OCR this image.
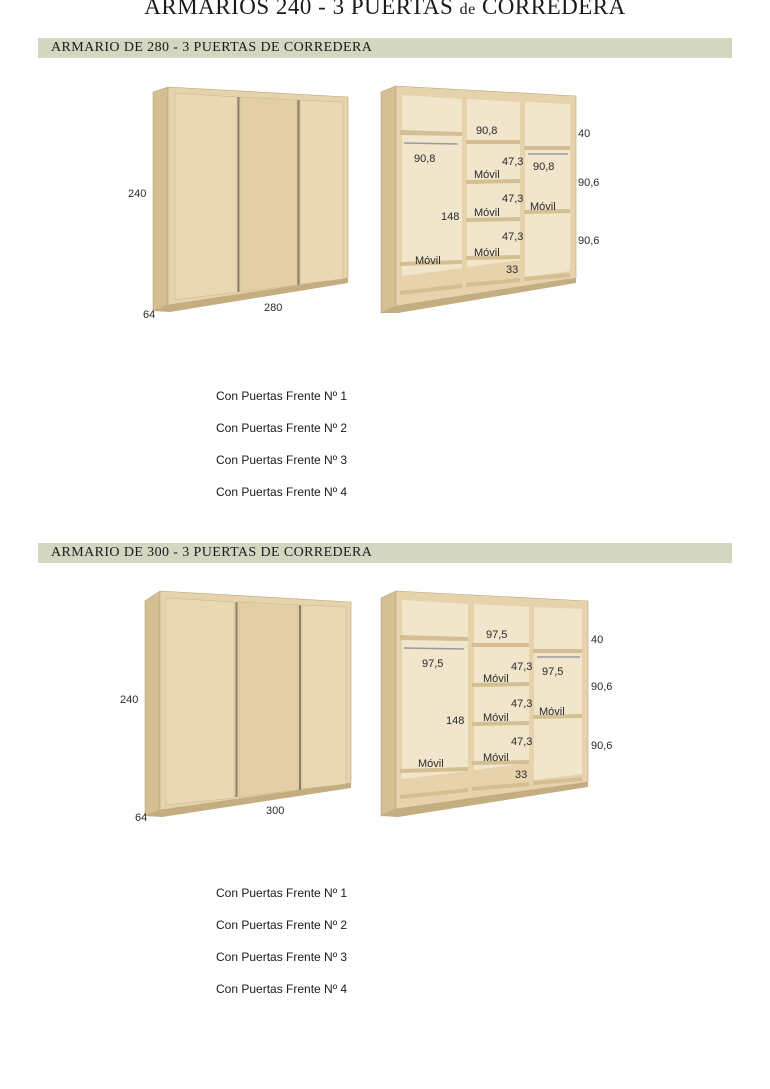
ARMARIOS 240 - 3 PUERTAS de CORREDERA
ARMARIO DE 280 - 3 PUERTAS DE CORREDERA
240
64
280
90,8
90,8
90,8
40
90,6
90,6
47,3
47,3
47,3
148
33
Móvil
Móvil
Móvil
Móvil
Móvil
Con Puertas Frente Nº 1
Con Puertas Frente Nº 2
Con Puertas Frente Nº 3
Con Puertas Frente Nº 4
ARMARIO DE 300 - 3 PUERTAS DE CORREDERA
240
64
300
97,5
97,5
97,5
40
90,6
90,6
47,3
47,3
47,3
148
33
Móvil
Móvil
Móvil
Móvil
Móvil
Con Puertas Frente Nº 1
Con Puertas Frente Nº 2
Con Puertas Frente Nº 3
Con Puertas Frente Nº 4
